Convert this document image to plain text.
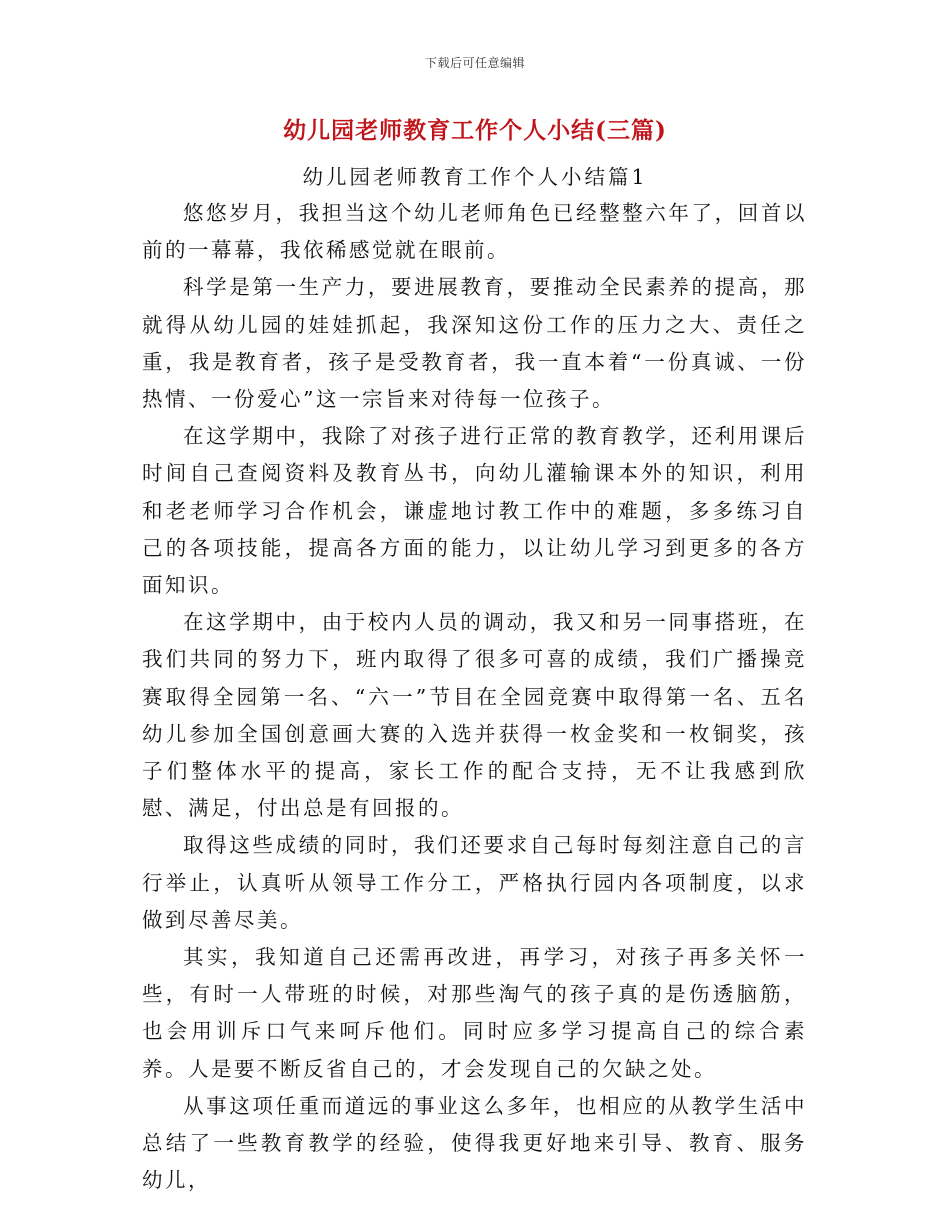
下载后可任意编辑
幼儿园老师教育工作个人小结(三篇)
幼儿园老师教育工作个人小结篇1

悠悠岁月，我担当这个幼儿老师角色已经整整六年了，回首以前的一幕幕，我依稀感觉就在眼前。

科学是第一生产力，要进展教育，要推动全民素养的提高，那就得从幼儿园的娃娃抓起，我深知这份工作的压力之大、责任之重，我是教育者，孩子是受教育者，我一直本着“一份真诚、一份热情、一份爱心”这一宗旨来对待每一位孩子。

在这学期中，我除了对孩子进行正常的教育教学，还利用课后时间自己查阅资料及教育丛书，向幼儿灌输课本外的知识，利用和老老师学习合作机会，谦虚地讨教工作中的难题，多多练习自己的各项技能，提高各方面的能力，以让幼儿学习到更多的各方面知识。

在这学期中，由于校内人员的调动，我又和另一同事搭班，在我们共同的努力下，班内取得了很多可喜的成绩，我们广播操竞赛取得全园第一名、“六一”节目在全园竞赛中取得第一名、五名幼儿参加全国创意画大赛的入选并获得一枚金奖和一枚铜奖，孩子们整体水平的提高，家长工作的配合支持，无不让我感到欣慰、满足，付出总是有回报的。

取得这些成绩的同时，我们还要求自己每时每刻注意自己的言行举止，认真听从领导工作分工，严格执行园内各项制度，以求做到尽善尽美。

其实，我知道自己还需再改进，再学习，对孩子再多关怀一些，有时一人带班的时候，对那些淘气的孩子真的是伤透脑筋，也会用训斥口气来呵斥他们。同时应多学习提高自己的综合素养。人是要不断反省自己的，才会发现自己的欠缺之处。

从事这项任重而道远的事业这么多年，也相应的从教学生活中总结了一些教育教学的经验，使得我更好地来引导、教育、服务幼儿，
